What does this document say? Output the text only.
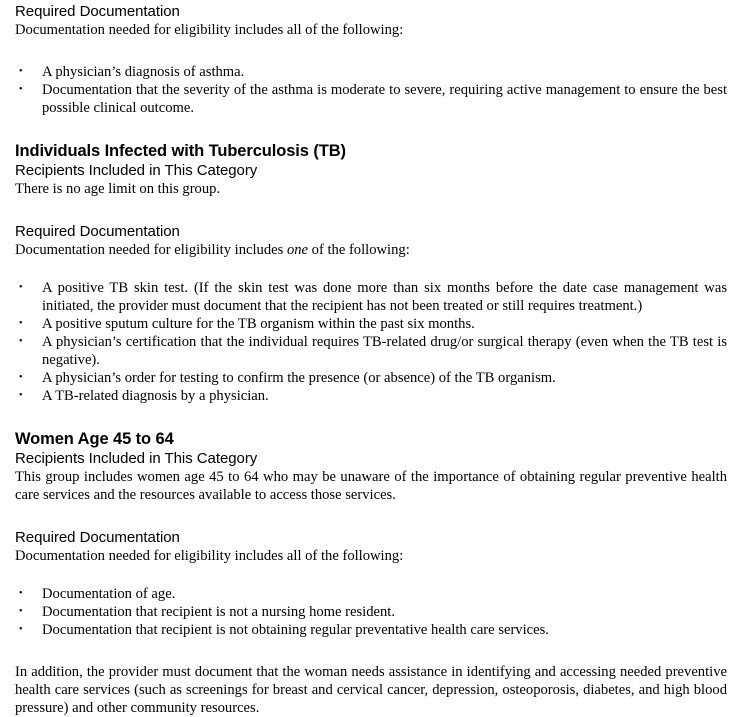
Required Documentation

Documentation needed for eligibility includes all of the following:

• A physician’s diagnosis of asthma.
• Documentation that the severity of the asthma is moderate to severe, requiring active management to ensure the best possible clinical outcome.
Individuals Infected with Tuberculosis (TB)
Recipients Included in This Category

There is no age limit on this group.

Required Documentation

Documentation needed for eligibility includes one of the following:

• A positive TB skin test. (If the skin test was done more than six months before the date case management was initiated, the provider must document that the recipient has not been treated or still requires treatment.)
• A positive sputum culture for the TB organism within the past six months.
• A physician’s certification that the individual requires TB-related drug/or surgical therapy (even when the TB test is negative).
• A physician’s order for testing to confirm the presence (or absence) of the TB organism.
• A TB-related diagnosis by a physician.
Women Age 45 to 64
Recipients Included in This Category

This group includes women age 45 to 64 who may be unaware of the importance of obtaining regular preventive health care services and the resources available to access those services.

Required Documentation

Documentation needed for eligibility includes all of the following:

• Documentation of age.
• Documentation that recipient is not a nursing home resident.
• Documentation that recipient is not obtaining regular preventative health care services.

In addition, the provider must document that the woman needs assistance in identifying and accessing needed preventive health care services (such as screenings for breast and cervical cancer, depression, osteoporosis, diabetes, and high blood pressure) and other community resources.
